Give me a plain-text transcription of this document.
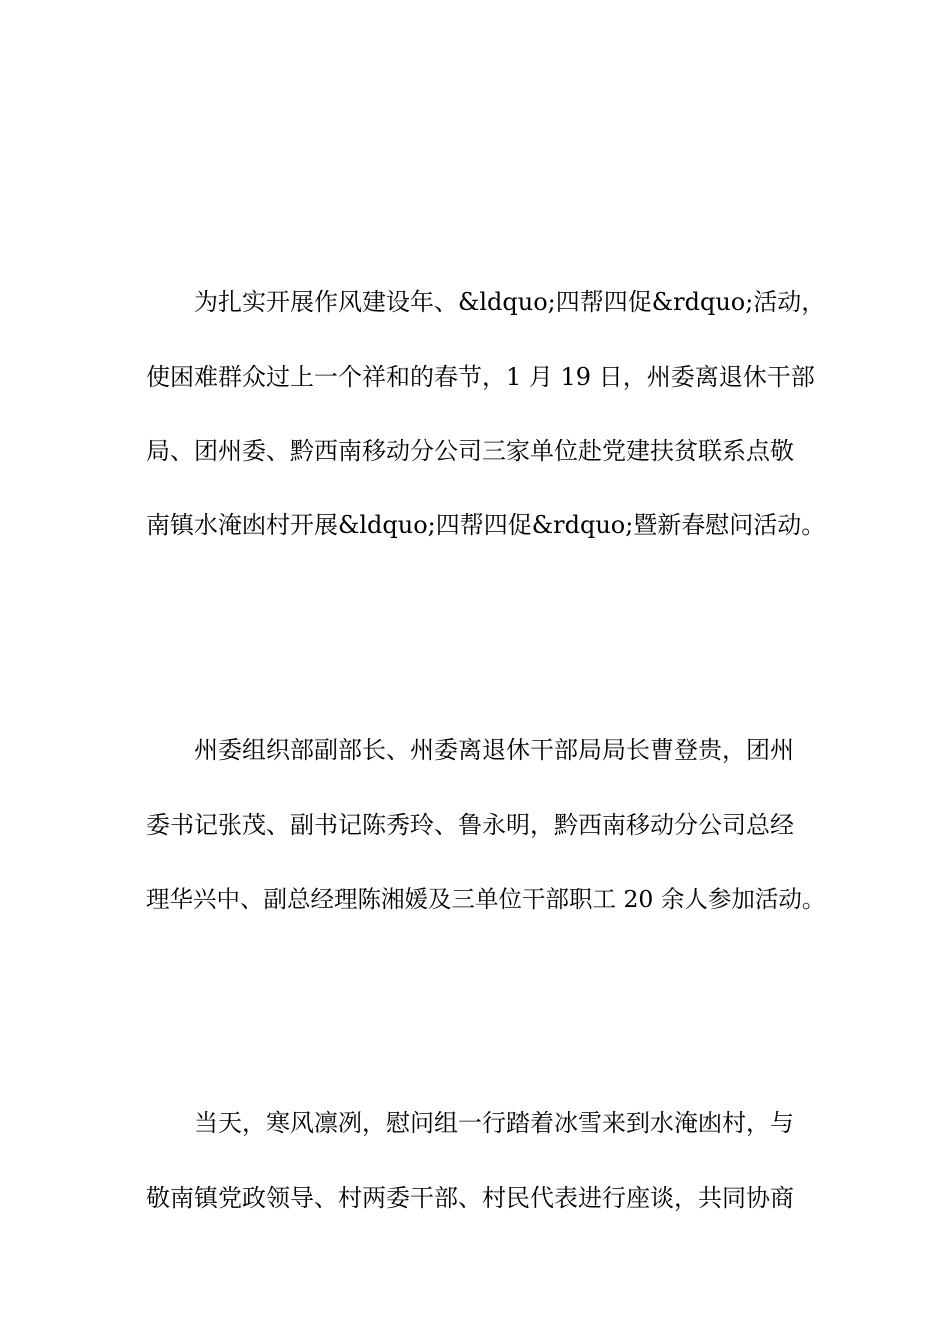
为扎实开展作风建设年、&ldquo;四帮四促&rdquo;活动，
使困难群众过上一个祥和的春节，1 月 19 日，州委离退休干部
局、团州委、黔西南移动分公司三家单位赴党建扶贫联系点敬
南镇水淹凼村开展&ldquo;四帮四促&rdquo;暨新春慰问活动。
州委组织部副部长、州委离退休干部局局长曹登贵，团州
委书记张茂、副书记陈秀玲、鲁永明，黔西南移动分公司总经
理华兴中、副总经理陈湘媛及三单位干部职工 20 余人参加活动。
当天，寒风凛冽，慰问组一行踏着冰雪来到水淹凼村，与
敬南镇党政领导、村两委干部、村民代表进行座谈，共同协商
